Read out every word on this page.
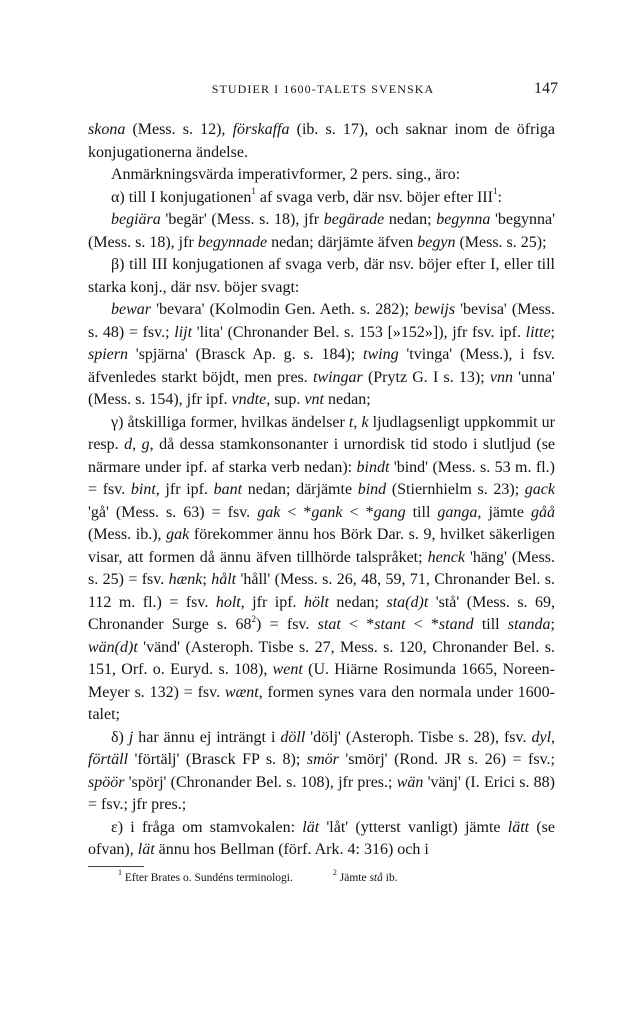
STUDIER I 1600-TALETS SVENSKA	147

skona (Mess. s. 12), förskaffa (ib. s. 17), och saknar inom de öfriga konjugationerna ändelse.

Anmärkningsvärda imperativformer, 2 pers. sing., äro:

α) till I konjugationen$^1$ af svaga verb, där nsv. böjer efter III$^1$:

begiära 'begär' (Mess. s. 18), jfr begärade nedan; begynna 'begynna' (Mess. s. 18), jfr begynnade nedan; därjämte äfven begyn (Mess. s. 25);

β) till III konjugationen af svaga verb, där nsv. böjer efter I, eller till starka konj., där nsv. böjer svagt:

bewar 'bevara' (Kolmodin Gen. Aeth. s. 282); bewijs 'bevisa' (Mess. s. 48) = fsv.; lijt 'lita' (Chronander Bel. s. 153 [»152»]), jfr fsv. ipf. litte; spiern 'spjärna' (Brasck Ap. g. s. 184); twing 'tvinga' (Mess.), i fsv. äfvenledes starkt böjdt, men pres. twingar (Prytz G. I s. 13); vnn 'unna' (Mess. s. 154), jfr ipf. vndte, sup. vnt nedan;

γ) åtskilliga former, hvilkas ändelser t, k ljudlagsenligt uppkommit ur resp. d, g, då dessa stamkonsonanter i urnordisk tid stodo i slutljud (se närmare under ipf. af starka verb nedan): bindt 'bind' (Mess. s. 53 m. fl.) = fsv. bint, jfr ipf. bant nedan; därjämte bind (Stiernhielm s. 23); gack 'gå' (Mess. s. 63) = fsv. gak < *gank < *gang till ganga, jämte gåå (Mess. ib.), gak förekommer ännu hos Börk Dar. s. 9, hvilket säkerligen visar, att formen då ännu äfven tillhörde talspråket; henck 'häng' (Mess. s. 25) = fsv. hænk; hålt 'håll' (Mess. s. 26, 48, 59, 71, Chronander Bel. s. 112 m. fl.) = fsv. holt, jfr ipf. hölt nedan; sta(d)t 'stå' (Mess. s. 69, Chronander Surge s. $68^2$) = fsv. stat < *stant < *stand till standa; wän(d)t 'vänd' (Asteroph. Tisbe s. 27, Mess. s. 120, Chronander Bel. s. 151, Orf. o. Euryd. s. 108), went (U. Hiärne Rosimunda 1665, Noreen-Meyer s. 132) = fsv. wænt, formen synes vara den normala under 1600-talet;

δ) j har ännu ej inträngt i döll 'dölj' (Asteroph. Tisbe s. 28), fsv. dyl, förtäll 'förtälj' (Brasck FP s. 8); smör 'smörj' (Rond. JR s. 26) = fsv.; spöör 'spörj' (Chronander Bel. s. 108), jfr pres.; wän 'vänj' (I. Erici s. 88) = fsv.; jfr pres.;

ε) i fråga om stamvokalen: lät 'låt' (ytterst vanligt) jämte lätt (se ofvan), lät ännu hos Bellman (förf. Ark. 4: 316) och i

$^1$ Efter Brates o. Sundéns terminologi.	$^2$ Jämte stå ib.
